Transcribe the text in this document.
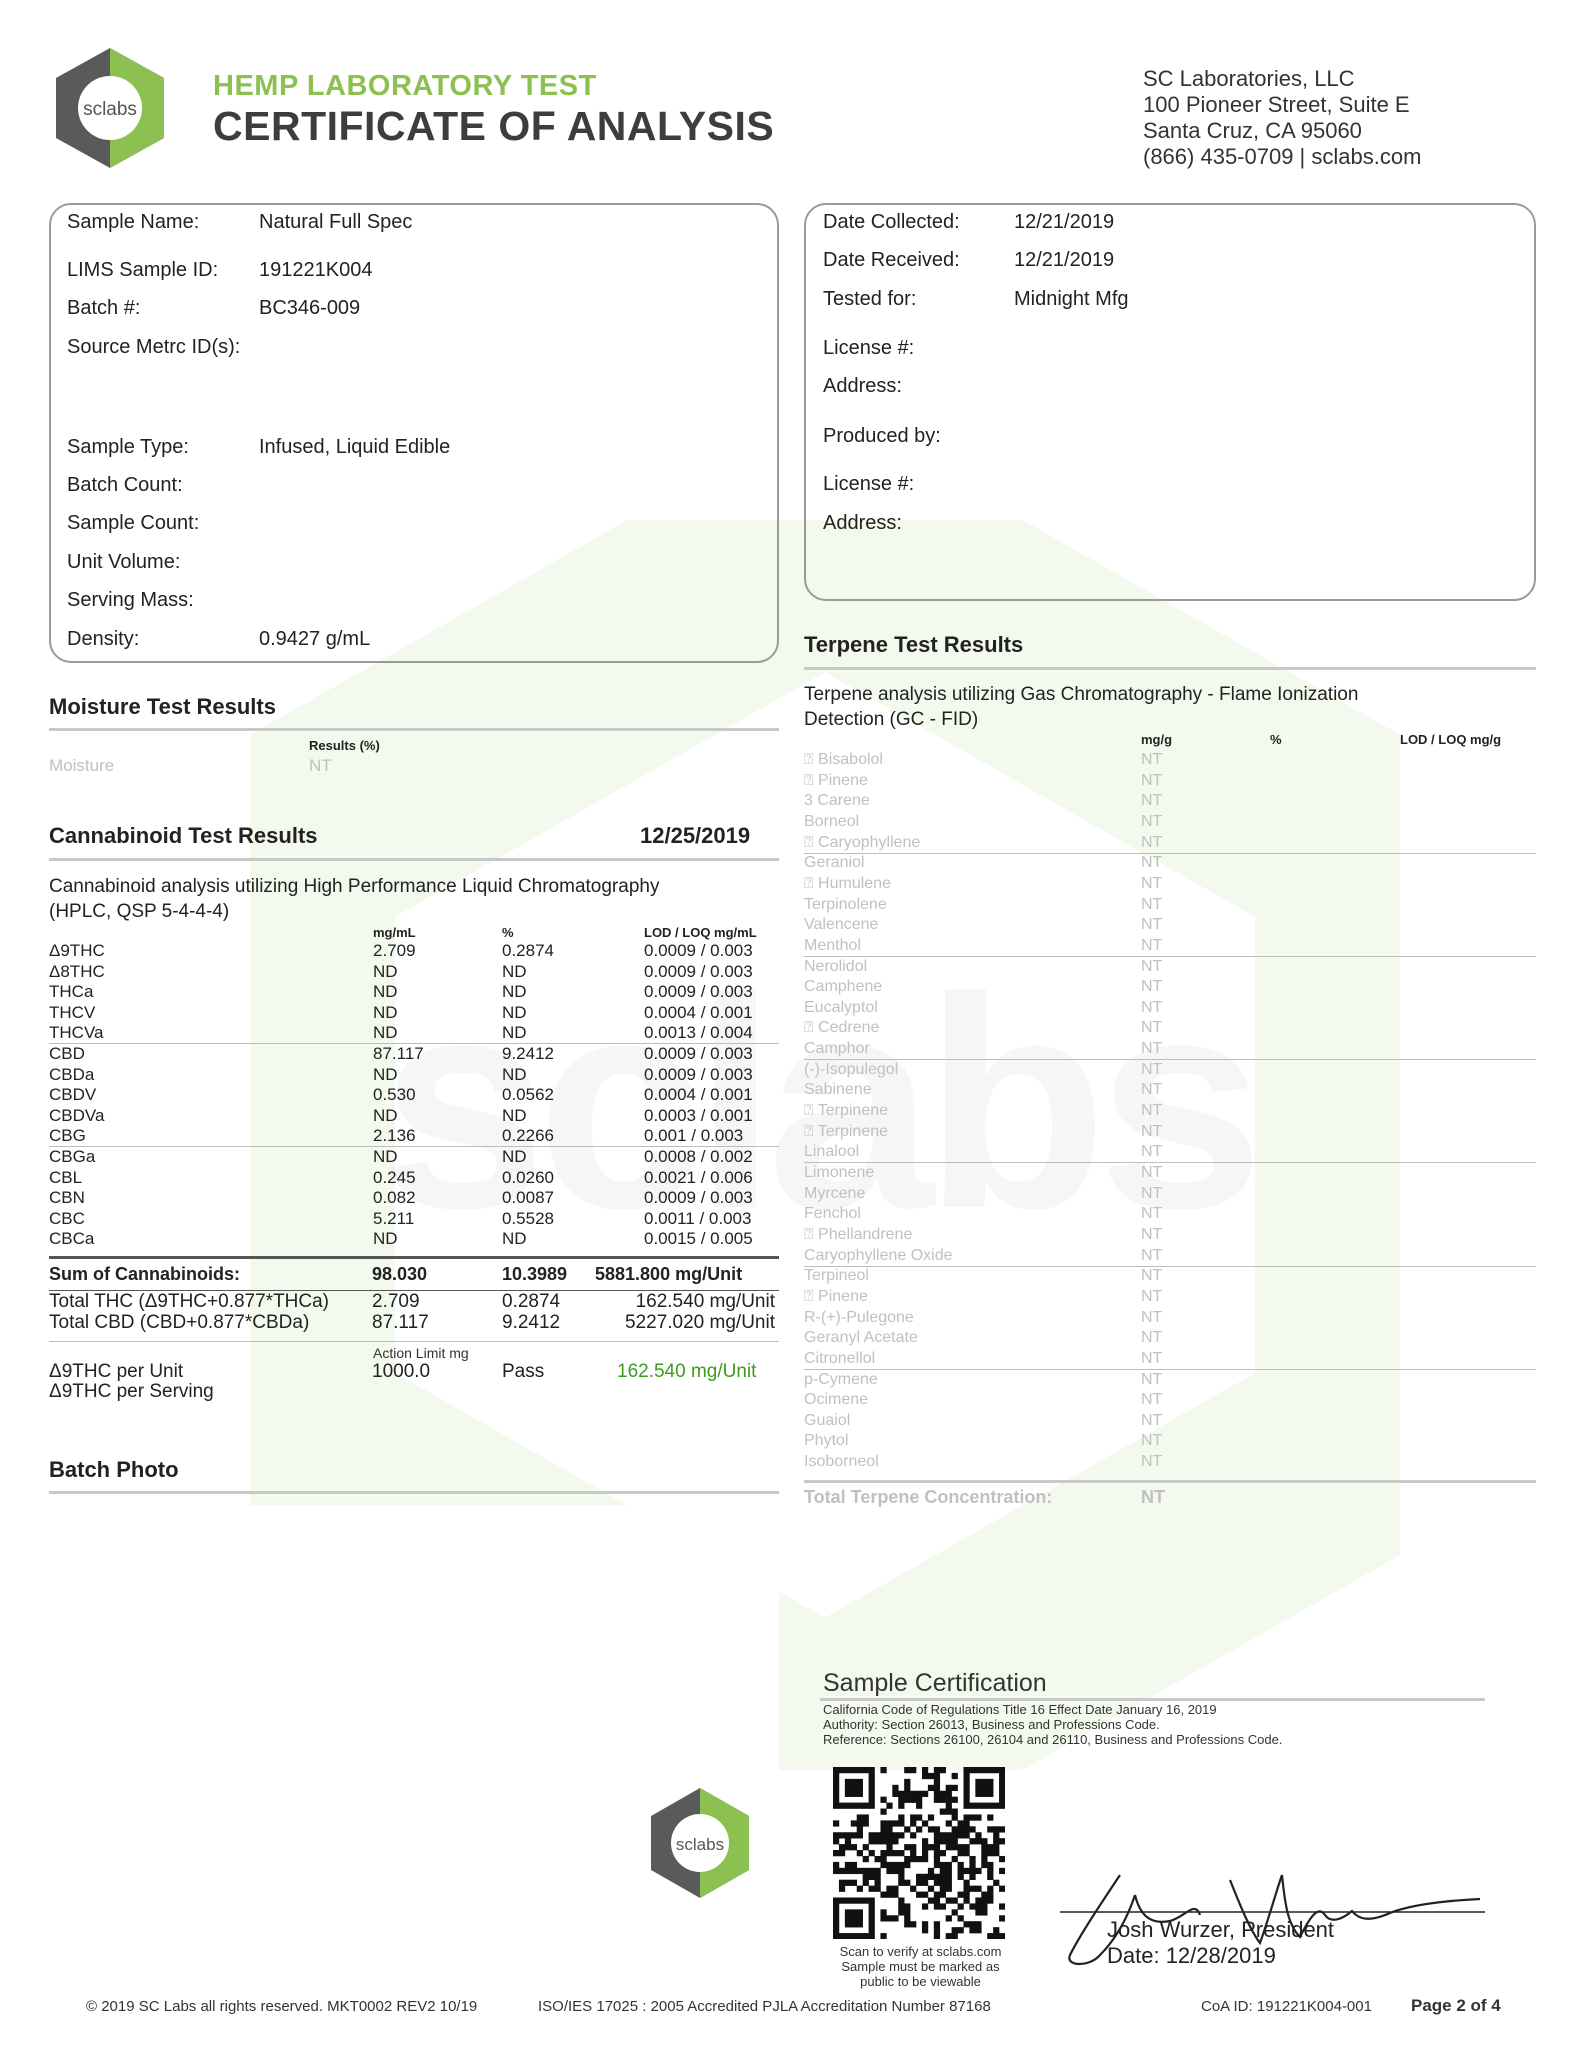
sclabs
HEMP LABORATORY TEST
CERTIFICATE OF ANALYSIS
SC Laboratories, LLC
100 Pioneer Street, Suite E
Santa Cruz, CA 95060
(866) 435-0709 | sclabs.com
Sample Name:	Natural Full Spec
LIMS Sample ID: 191221K004
Batch #:	BC346-009
Source Metrc ID(s):
Sample Type:	Infused, Liquid Edible
Batch Count:
Sample Count:
Unit Volume:
Serving Mass:
Density:	0.9427 g/mL
Date Collected:	12/21/2019
Date Received:	12/21/2019
Tested for:	Midnight Mfg
License #:
Address:
Produced by:
License #:
Address:
Moisture Test Results
Results (%)
Moisture	NT
Cannabinoid Test Results	12/25/2019
Cannabinoid analysis utilizing High Performance Liquid Chromatography
(HPLC, QSP 5-4-4-4)
mg/mL	%	LOD / LOQ mg/mL
Δ9THC	2.709	0.2874	0.0009 / 0.003
Δ8THC	ND	ND	0.0009 / 0.003
THCa	ND	ND	0.0009 / 0.003
THCV	ND	ND	0.0004 / 0.001
THCVa	ND	ND	0.0013 / 0.004
CBD	87.117	9.2412	0.0009 / 0.003
CBDa	ND	ND	0.0009 / 0.003
CBDV	0.530	0.0562	0.0004 / 0.001
CBDVa	ND	ND	0.0003 / 0.001
CBG	2.136	0.2266	0.001 / 0.003
CBGa	ND	ND	0.0008 / 0.002
CBL	0.245	0.0260	0.0021 / 0.006
CBN	0.082	0.0087	0.0009 / 0.003
CBC	5.211	0.5528	0.0011 / 0.003
CBCa	ND	ND	0.0015 / 0.005
Sum of Cannabinoids:	98.030	10.3989 5881.800 mg/Unit
Total THC (Δ9THC+0.877*THCa) 2.709	0.2874	162.540 mg/Unit
Total CBD (CBD+0.877*CBDa)	87.117	9.2412	5227.020 mg/Unit
Action Limit mg
Δ9THC per Unit	1000.0	Pass	162.540 mg/Unit
Δ9THC per Serving
Batch Photo
sclabs
Terpene Test Results
Terpene analysis utilizing Gas Chromatography - Flame Ionization
Detection (GC - FID)
mg/g	%	LOD / LOQ mg/g
⍰ Bisabolol	NT
⍰ Pinene	NT
3 Carene	NT
Borneol	NT
⍰ Caryophyllene	NT
Geraniol	NT
⍰ Humulene	NT
Terpinolene	NT
Valencene	NT
Menthol	NT
Nerolidol	NT
Camphene	NT
Eucalyptol	NT
⍰ Cedrene	NT
Camphor	NT
(-)-Isopulegol	NT
Sabinene	NT
⍰ Terpinene	NT
⍰ Terpinene	NT
Linalool	NT
Limonene	NT
Myrcene	NT
Fenchol	NT
⍰ Phellandrene	NT
Caryophyllene Oxide	NT
Terpineol	NT
⍰ Pinene	NT
R-(+)-Pulegone	NT
Geranyl Acetate	NT
Citronellol	NT
p-Cymene	NT
Ocimene	NT
Guaiol	NT
Phytol	NT
Isoborneol	NT
Total Terpene Concentration:	NT
Sample Certification
California Code of Regulations Title 16 Effect Date January 16, 2019
Authority: Section 26013, Business and Professions Code.
Reference: Sections 26100, 26104 and 26110, Business and Professions Code.
Scan to verify at sclabs.com
Sample must be marked as
public to be viewable
Josh Wurzer, President
Date: 12/28/2019
© 2019 SC Labs all rights reserved. MKT0002 REV2 10/19	ISO/IES 17025 : 2005 Accredited PJLA Accreditation Number 87168	CoA ID: 191221K004-001 Page 2 of 4
